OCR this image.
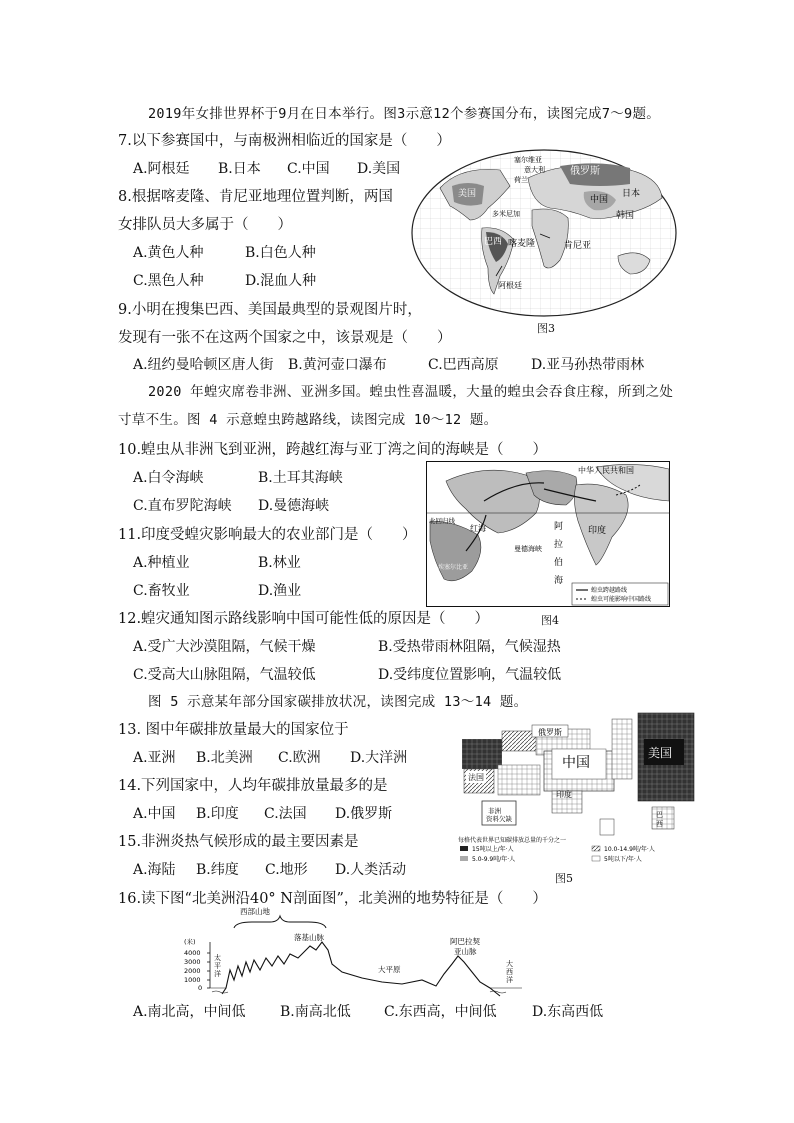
2019年女排世界杯于9月在日本举行。图3示意12个参赛国分布，读图完成7～9题。
7.以下参赛国中，与南极洲相临近的国家是（　　）
A.阿根廷 B.日本 C.中国 D.美国
8.根据喀麦隆、肯尼亚地理位置判断，两国
女排队员大多属于（　　）
A.黄色人种	B.白色人种
C.黑色人种	D.混血人种
9.小明在搜集巴西、美国最典型的景观图片时，
发现有一张不在这两个国家之中，该景观是（　　）
A.纽约曼哈顿区唐人街 B.黄河壶口瀑布	C.巴西高原 D.亚马孙热带雨林
美国
俄罗斯
塞尔维亚
意大利
荷兰
多米尼加
中国
日本
韩国
巴西 喀麦隆	肯尼亚
阿根廷
图3
2020 年蝗灾席卷非洲、亚洲多国。蝗虫性喜温暖，大量的蝗虫会吞食庄稼，所到之处
寸草不生。图 4 示意蝗虫跨越路线，读图完成 10～12 题。
10.蝗虫从非洲飞到亚洲，跨越红海与亚丁湾之间的海峡是（　　）
A.白令海峡	B.土耳其海峡
C.直布罗陀海峡 D.曼德海峡
11.印度受蝗灾影响最大的农业部门是（　　）
A.种植业	B.林业
C.畜牧业	D.渔业
中华人民共和国
北回归线
红海
曼德海峡
阿
拉
伯
海
印度
埃塞尔比亚
蝗虫跨越路线
蝗虫可能影响中国路线
图4
12.蝗灾通知图示路线影响中国可能性低的原因是（　　）
A.受广大沙漠阻隔，气候干燥	B.受热带雨林阻隔，气候湿热
C.受高大山脉阻隔，气温较低	D.受纬度位置影响，气温较低
图 5 示意某年部分国家碳排放状况，读图完成 13～14 题。
13. 图中年碳排放量最大的国家位于
A.亚洲 B.北美洲 C.欧洲 D.大洋洲
14.下列国家中，人均年碳排放量最多的是
A.中国 B.印度 C.法国 D.俄罗斯
15.非洲炎热气候形成的最主要因素是
A.海陆 B.纬度 C.地形 D.人类活动
俄罗斯
中国
美国
法国
印度
非洲
资料欠缺	巴
西
每格代表世界已知碳排放总量的千分之一
15吨以上/年·人	10.0-14.9吨/年·人
5.0-9.9吨/年·人	5吨以下/年·人
图5
16.读下图“北美洲沿40° N剖面图”，北美洲的地势特征是（　　）
(米)
4000
3000
2000
1000
0
西部山地
落基山脉
大平原
阿巴拉契
亚山脉
太
平
洋
大
西
洋
A.南北高，中间低 B.南高北低 C.东西高，中间低	D.东高西低
